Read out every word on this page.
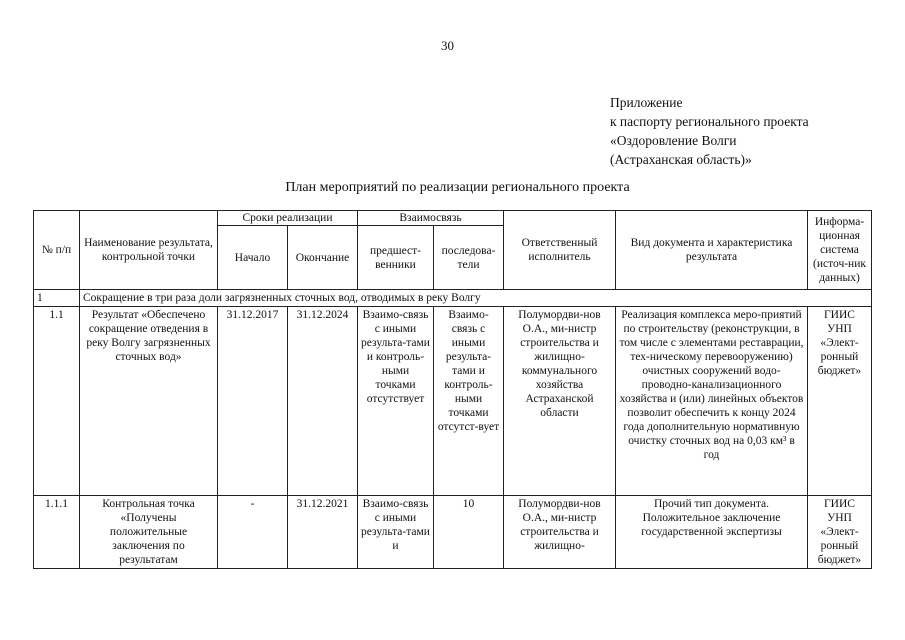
30
Приложение
к паспорту регионального проекта
«Оздоровление Волги
(Астраханская область)»
План мероприятий по реализации регионального проекта
№ п/п	Наименование результата, контрольной точки	Сроки реализации		Взаимосвязь		Ответственный исполнитель	Вид документа и характеристика результата	Информа-ционная система (источ-ник данных)
		Начало	Окончание	предшест-венники	последова-тели			
1	Сокращение в три раза доли загрязненных сточных вод, отводимых в реку Волгу							
1.1	Результат «Обеспечено сокращение отведения в реку Волгу загрязненных сточных вод»	31.12.2017	31.12.2024	Взаимо-связь с иными результа-тами и контроль-ными точками отсутствует	Взаимо-связь с иными результа-тами и контроль-ными точками отсутст-вует	Полумордви-нов О.А., ми-нистр строительства и жилищно-коммунального хозяйства Астраханской области	Реализация комплекса меро-приятий по строительству (реконструкции, в том числе с элементами реставрации, тех-ническому перевооружению) очистных сооружений водо-проводно-канализационного хозяйства и (или) линейных объектов позволит обеспечить к концу 2024 года дополнительную нормативную очистку сточных вод на 0,03 км³ в год	ГИИС УНП «Элект-ронный бюджет»
1.1.1	Контрольная точка «Получены положительные заключения по результатам	-	31.12.2021	Взаимо-связь с иными результа-тами и	10	Полумордви-нов О.А., ми-нистр строительства и жилищно-	Прочий тип документа. Положительное заключение государственной экспертизы	ГИИС УНП «Элект-ронный бюджет»
